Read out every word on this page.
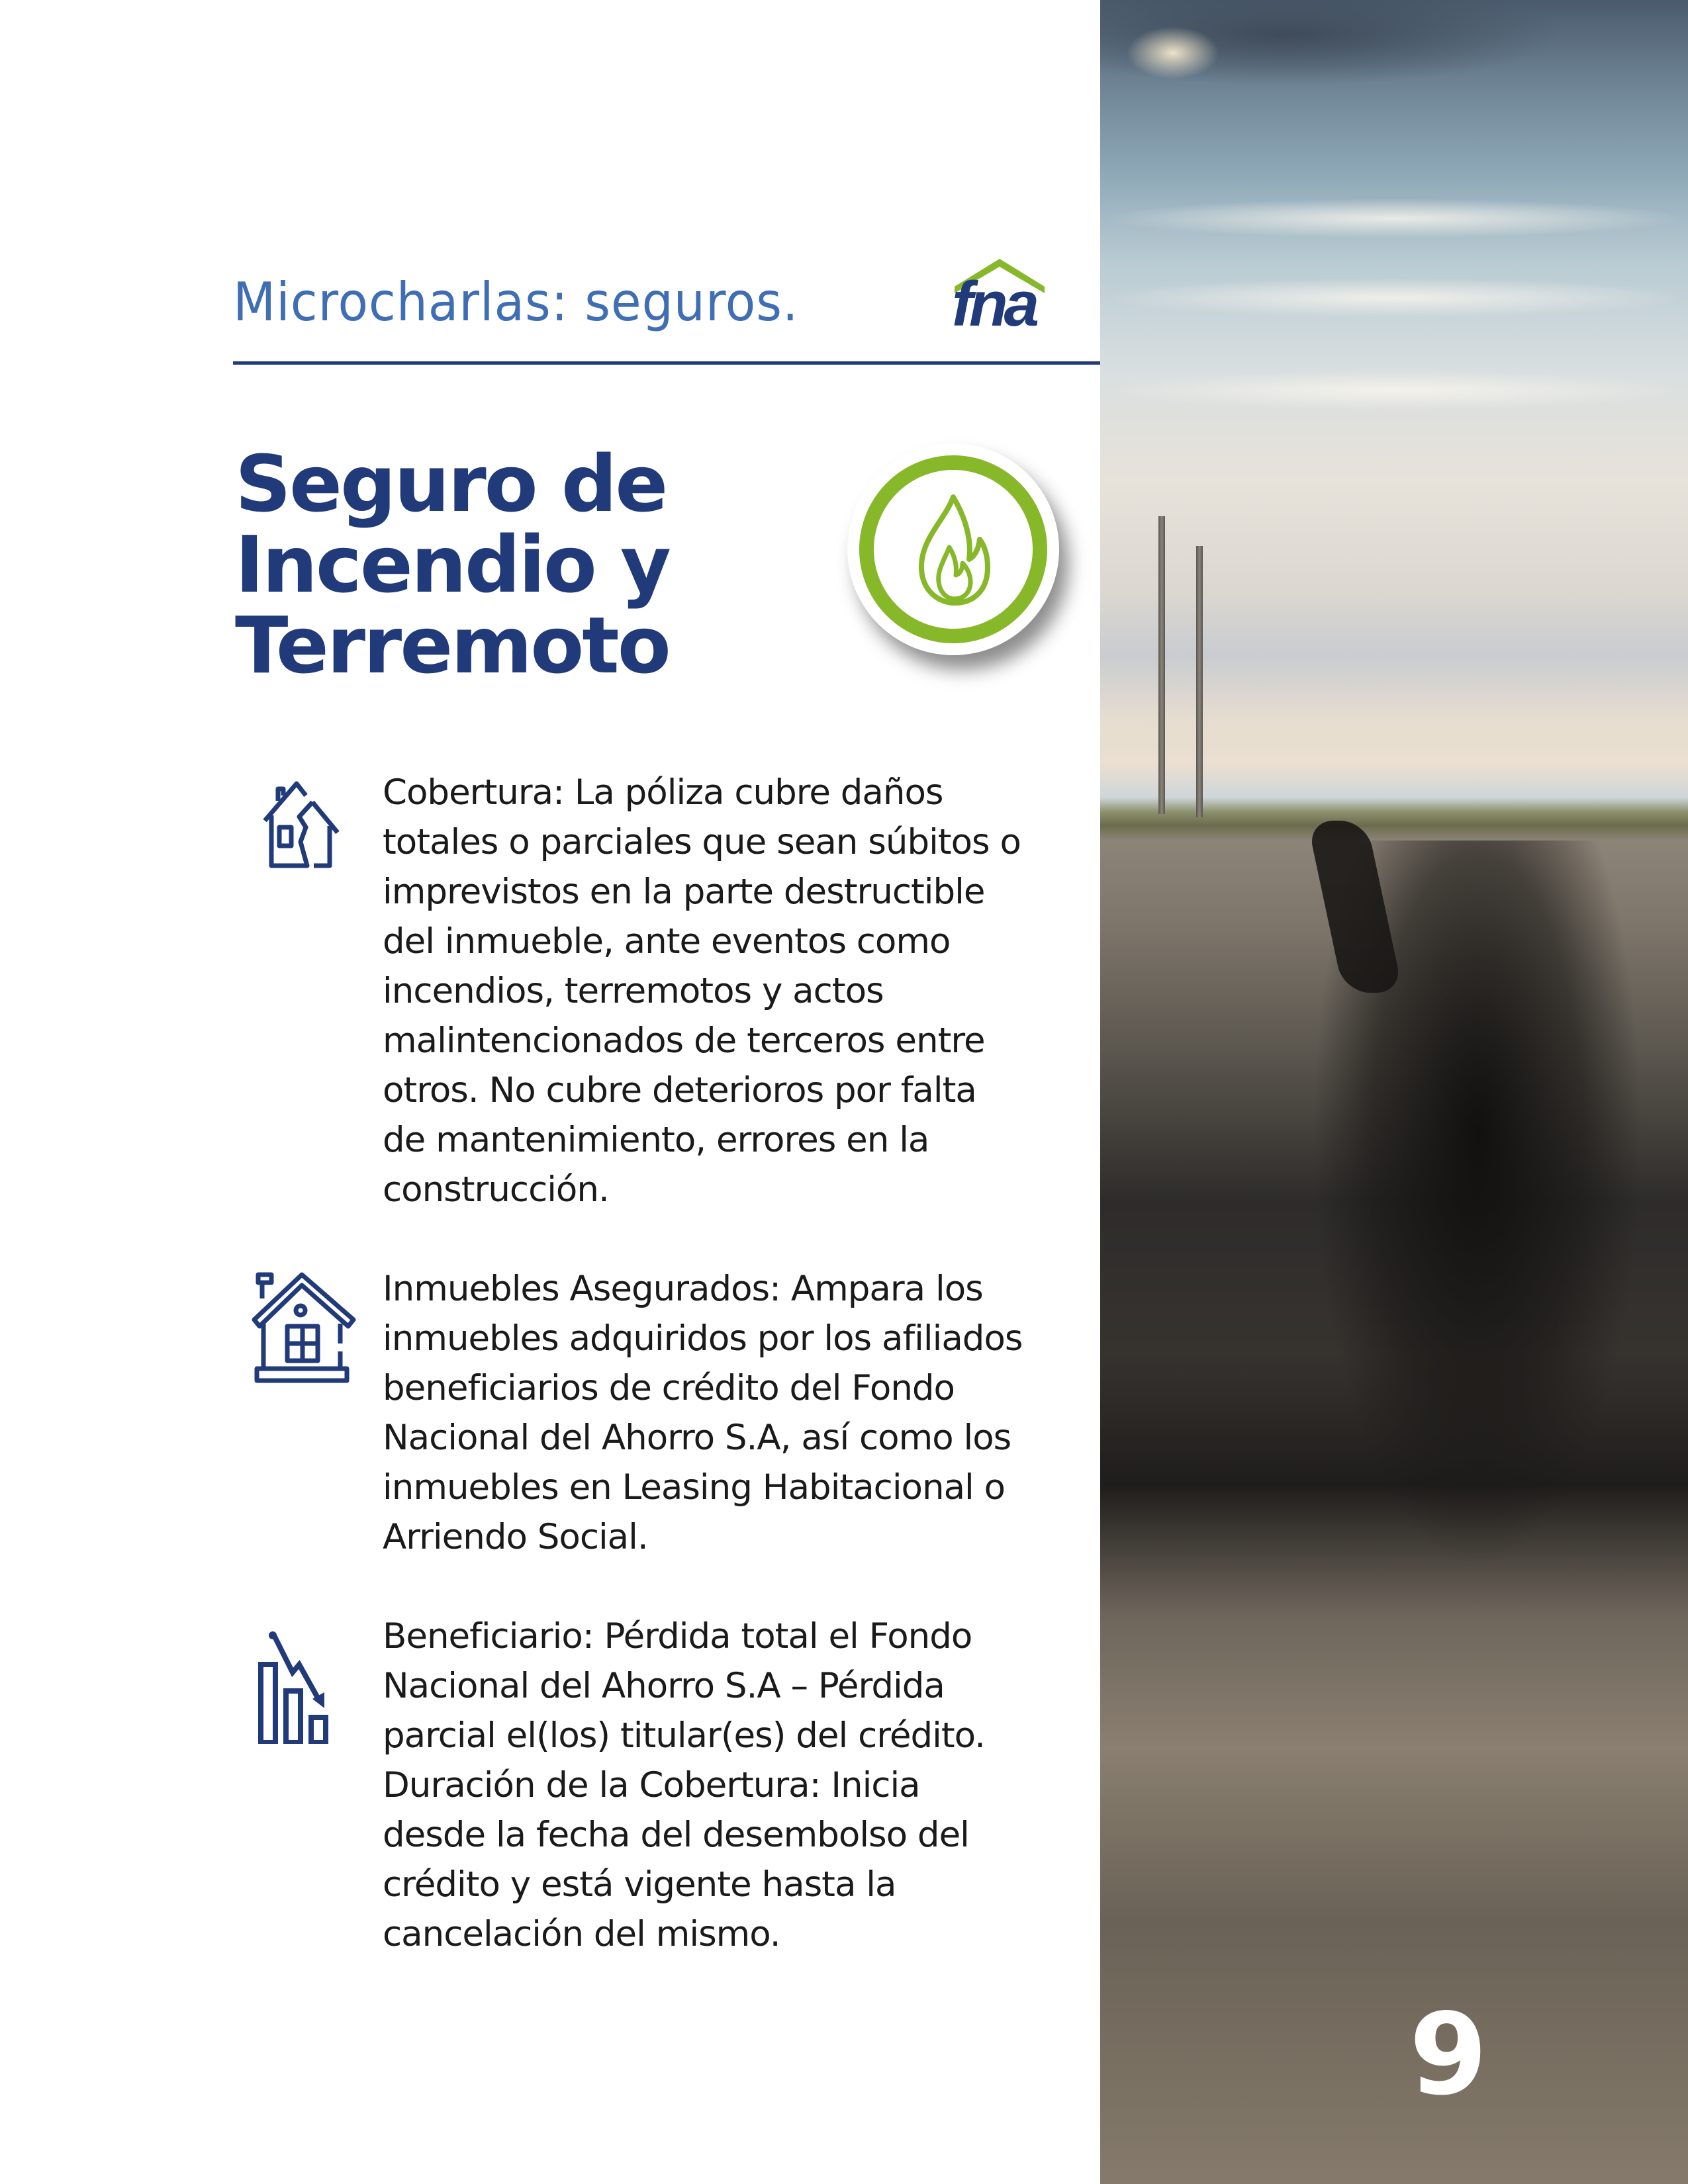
Microcharlas: seguros. fna
Seguro de
Incendio y
Terremoto
Cobertura: La póliza cubre daños
totales o parciales que sean súbitos o
imprevistos en la parte destructible
del inmueble, ante eventos como
incendios, terremotos y actos
malintencionados de terceros entre
otros. No cubre deterioros por falta
de mantenimiento, errores en la
construcción.
Inmuebles Asegurados: Ampara los
inmuebles adquiridos por los afiliados
beneficiarios de crédito del Fondo
Nacional del Ahorro S.A, así como los
inmuebles en Leasing Habitacional o
Arriendo Social.
Beneficiario: Pérdida total el Fondo
Nacional del Ahorro S.A – Pérdida
parcial el(los) titular(es) del crédito.
Duración de la Cobertura: Inicia
desde la fecha del desembolso del
crédito y está vigente hasta la
cancelación del mismo.
9
